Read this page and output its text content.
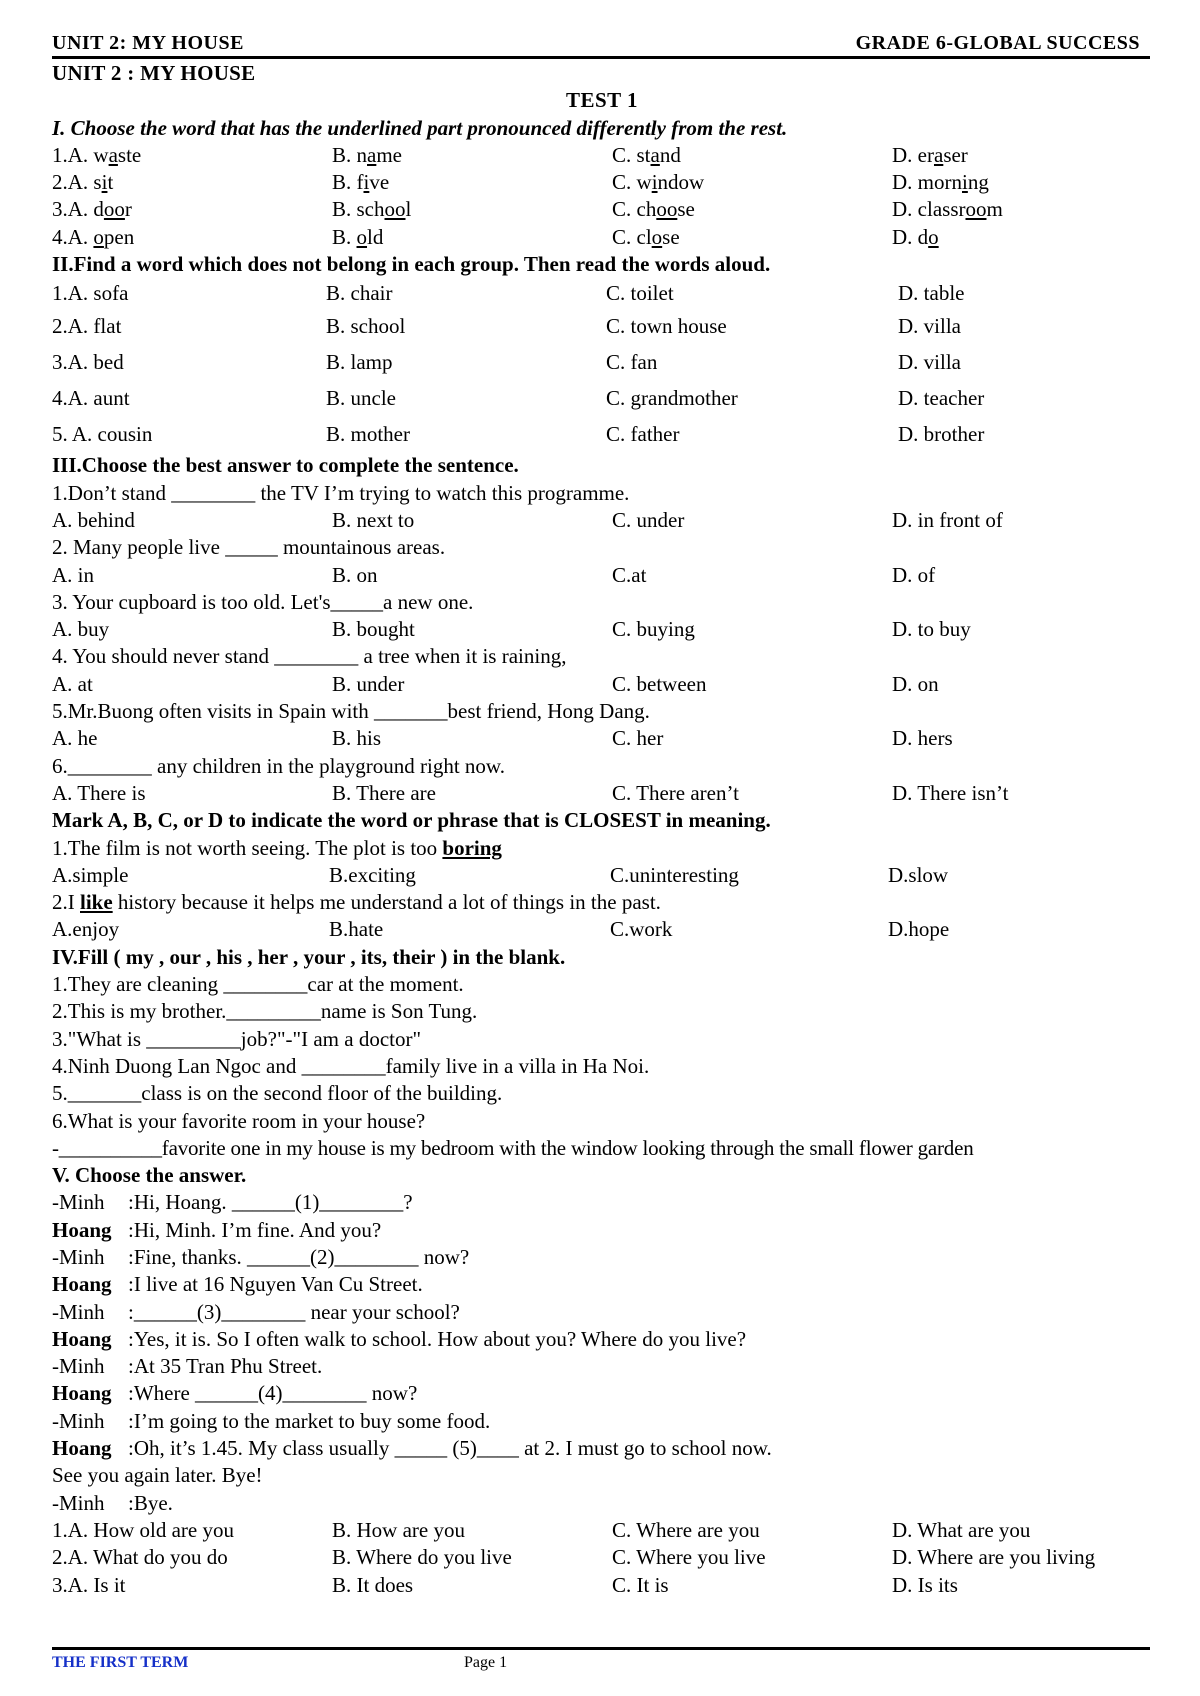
UNIT 2: MY HOUSE	GRADE 6-GLOBAL SUCCESS
UNIT 2 : MY HOUSE
TEST 1
I. Choose the word that has the underlined part pronounced differently from the rest.
1.A. waste	B. name	C. stand	D. eraser
2.A. sit	B. five	C. window	D. morning
3.A. door	B. school	C. choose	D. classroom
4.A. open	B. old	C. close	D. do
II.Find a word which does not belong in each group. Then read the words aloud.
1.A. sofa	B. chair	C. toilet	D. table
2.A. flat	B. school	C. town house	D. villa
3.A. bed	B. lamp	C. fan	D. villa
4.A. aunt	B. uncle	C. grandmother	D. teacher
5. A. cousin	B. mother	C. father	D. brother
III.Choose the best answer to complete the sentence.
1.Don’t stand ________ the TV I’m trying to watch this programme.
A. behind	B. next to	C. under	D. in front of
2. Many people live _____ mountainous areas.
A. in	B. on	C.at	D. of
3. Your cupboard is too old. Let's_____a new one.
A. buy	B. bought	C. buying	D. to buy
4. You should never stand ________ a tree when it is raining,
A. at	B. under	C. between	D. on
5.Mr.Buong often visits in Spain with _______best friend, Hong Dang.
A. he	B. his	C. her	D. hers
6.________ any children in the playground right now.
A. There is	B. There are	C. There aren’t	D. There isn’t
Mark A, B, C, or D to indicate the word or phrase that is CLOSEST in meaning.
1.The film is not worth seeing. The plot is too boring
A.simple	B.exciting	C.uninteresting	D.slow
2.I like history because it helps me understand a lot of things in the past.
A.enjoy	B.hate	C.work	D.hope
IV.Fill ( my , our , his , her , your , its, their ) in the blank.
1.They are cleaning ________car at the moment.
2.This is my brother._________name is Son Tung.
3."What is _________job?"-"I am a doctor"
4.Ninh Duong Lan Ngoc and ________family live in a villa in Ha Noi.
5._______class is on the second floor of the building.
6.What is your favorite room in your house?
-__________favorite one in my house is my bedroom with the window looking through the small flower garden
V. Choose the answer.
-Minh :Hi, Hoang. ______(1)________?
Hoang :Hi, Minh. I’m fine. And you?
-Minh :Fine, thanks. ______(2)________ now?
Hoang :I live at 16 Nguyen Van Cu Street.
-Minh :______(3)________ near your school?
Hoang :Yes, it is. So I often walk to school. How about you? Where do you live?
-Minh :At 35 Tran Phu Street.
Hoang :Where ______(4)________ now?
-Minh :I’m going to the market to buy some food.
Hoang :Oh, it’s 1.45. My class usually _____ (5)____ at 2. I must go to school now.
See you again later. Bye!
-Minh :Bye.
1.A. How old are you	B. How are you	C. Where are you	D. What are you
2.A. What do you do	B. Where do you live	C. Where you live	D. Where are you living
3.A. Is it	B. It does	C. It is	D. Is its
THE FIRST TERM	Page 1
